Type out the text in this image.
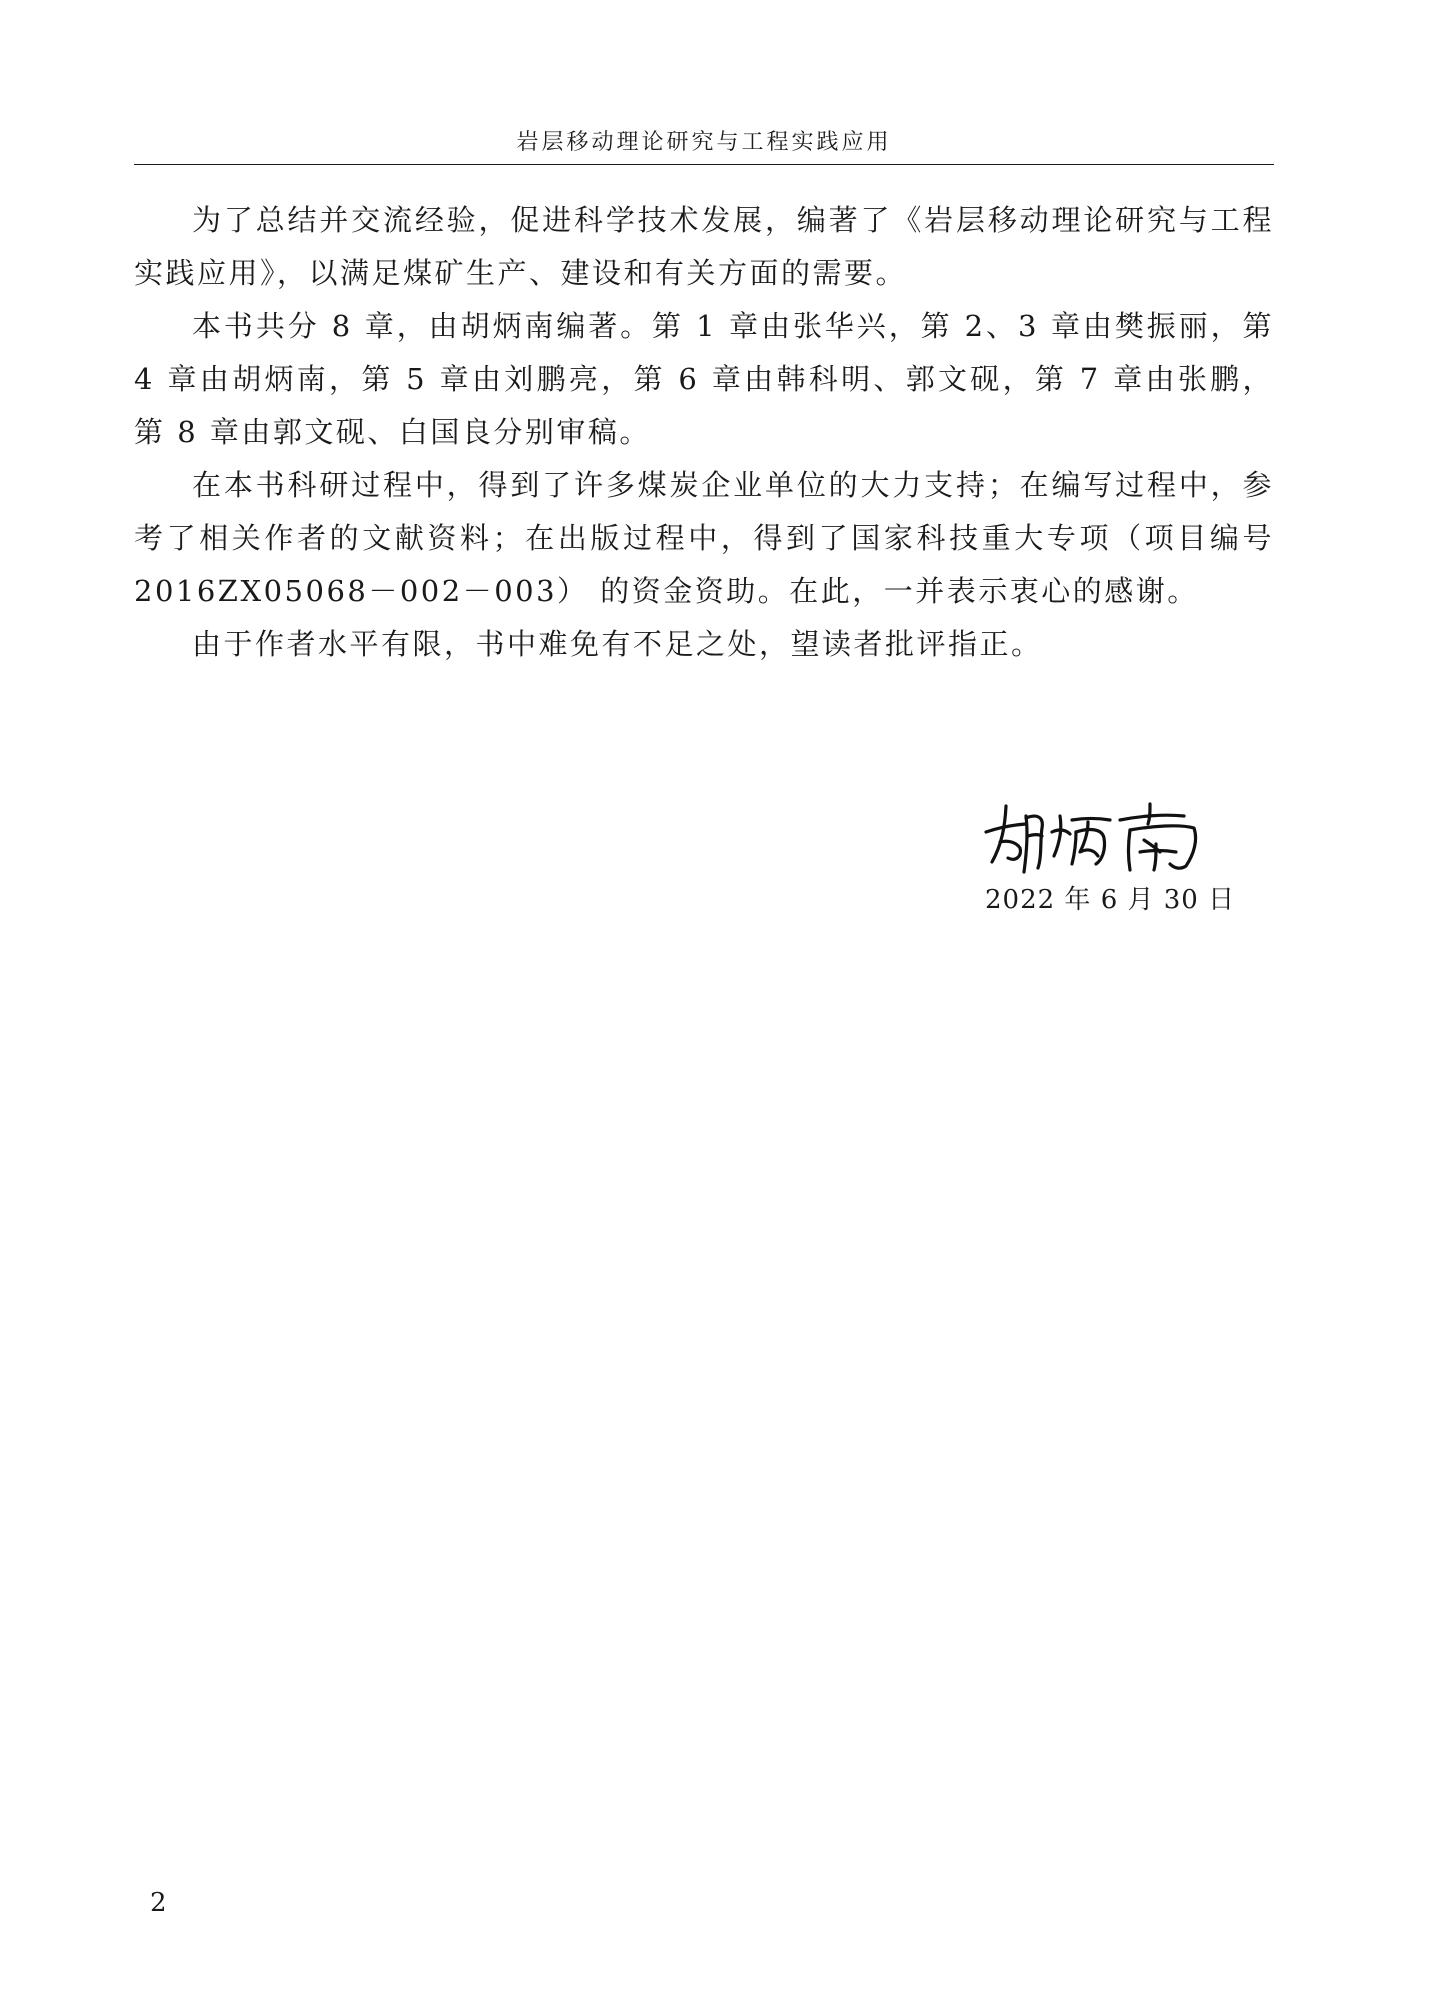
岩层移动理论研究与工程实践应用

为了总结并交流经验，促进科学技术发展，编著了《岩层移动理论研究与工程实践应用》，以满足煤矿生产、建设和有关方面的需要。

本书共分 8 章，由胡炳南编著。第 1 章由张华兴，第 2、3 章由樊振丽，第 4 章由胡炳南，第 5 章由刘鹏亮，第 6 章由韩科明、郭文砚，第 7 章由张鹏，第 8 章由郭文砚、白国良分别审稿。

在本书科研过程中，得到了许多煤炭企业单位的大力支持；在编写过程中，参考了相关作者的文献资料；在出版过程中，得到了国家科技重大专项（项目编号 2016ZX05068－002－003） 的资金资助。在此，一并表示衷心的感谢。

由于作者水平有限，书中难免有不足之处，望读者批评指正。

2022 年 6 月 30 日
2
